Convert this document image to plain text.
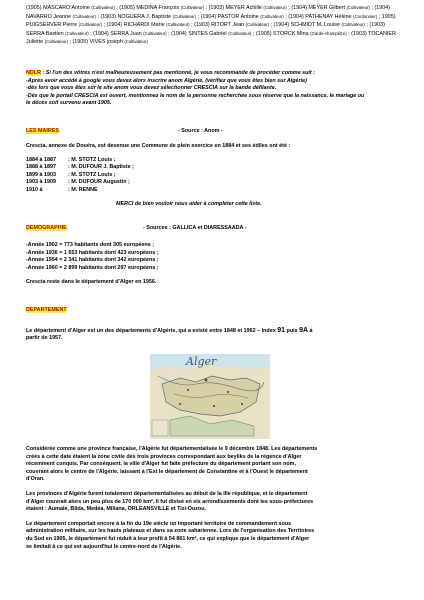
(1905) MASCARO Antoine (Cultivateur) ; (1905) MEDINA François (Cultivateur) ; (1903) MEYER Achille (Cultivateur) ; (1904) MEYER Gilbert (Cultivateur) ; (1904) NAVARRO Jeanne (Cultivateur) ; (1903) NOGUERA J. Baptiste (Cultivateur) ; (1904) PASTOR Antoine (Cultivateur) ; (1904) PATHENAY Hélène (Cordonnier) ; 1905) PUIGSERVER Pierre (Cultivateur) ; (1904) RICHARDI Marie (Cultivateur) ; (1903) RITORT Jean (Cultivateur) ; (1904) SCHMIDT M. Louise (Cultivateur) ; (1903) SERRA Bastien (Cultivateur) ; (1904) SERRA Juan (Cultivateur) ; (1904) SINTES Gabriel (Cultivateur) ; (1905) STORCK Mina (Garde-champêtre) ; (1903) TOCANIER Juliette (Cultivateur) ; (1905) VIVES joseph (Cultivateur)
NDLR : Si l'un des vôtres n'est malheureusement pas mentionné, je vous recommande de procéder comme suit :
-Après avoir accédé à google vous devez alors inscrire anom Algérie, (vérifiez que vous êtes bien sur Algérie)
-dès lors que vous êtes sur le site anom vous devez sélectionner CRESCIA sur la bande défilante.
-Dès que le portail CRESCIA est ouvert, mentionnez le nom de la personne recherchée sous réserve que la naissance, le mariage ou
le décès soit survenu avant 1905.
LES MAIRES	- Source : Anom -
Crescia, annexe de Douéra, est devenue une Commune de plein exercice en 1884 et ses édiles ont été :
1884 à 1887	: M. STOTZ Louis ;
1888 à 1897	: M. DUFOUR J. Baptiste ;
1899 à 1903	: M. STOTZ Louis ;
1903 à 1909	: M. DUFOUR Augustin ;
1910 à	: M. RENNE
MERCI de bien vouloir nous aider à compléter cette liste.
DEMOGRAPHIE	- Sources : GALLICA et DIARESSAADA -
-Année 1902 = 773 habitants dont 305 européens ;
-Année 1936 = 1 653 habitants dont 423 européens ;
-Année 1954 = 2 341 habitants dont 342 européens ;
-Année 1960 = 2 899 habitants dont 297 européens ;
Crescia reste dans le département d'Alger en 1956.
DEPARTEMENT
Le département d'Alger est un des départements d'Algérie, qui a existé entre 1848 et 1962 – Index 91 puis 9A à
partir de 1957.
Alger
Considérée comme une province française, l'Algérie fut départementalisée le 9 décembre 1848. Les départements
créés à cette date étaient la zone civile des trois provinces correspondant aux beyliks de la régence d'Alger
récemment conquis. Par conséquent, la ville d'Alger fut faite préfecture du département portant son nom,
couvrant alors le centre de l'Algérie, laissant à l'Est le département de Constantine et à l'Ouest le département
d'Oran.
Les provinces d'Algérie furent totalement départementalisées au début de la IIIe république, et le département
d'Alger couvrait alors un peu plus de 170 000 km². Il fut divisé en six arrondissements dont les sous-préfectures
étaient : Aumale, Blida, Medéa, Miliana, ORLEANSVILLE et Tizi-Ouzou.
Le département comportait encore à la fin du 19e siècle un important territoire de commandement sous
administration militaire, sur les hauts plateaux et dans sa zone saharienne. Lors de l'organisation des Territoires
du Sud en 1905, le département fut réduit à leur profit à 54 861 km², ce qui explique que le département d'Alger
se limitait à ce qui est aujourd'hui le centre-nord de l'Algérie.
